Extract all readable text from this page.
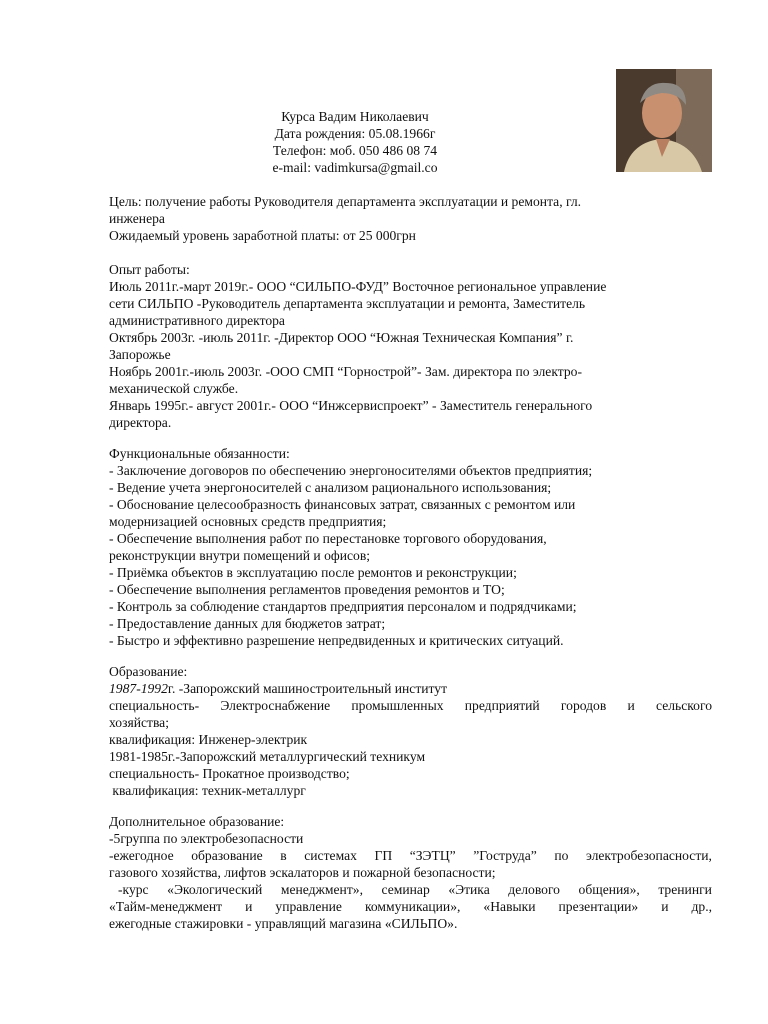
Курса Вадим Николаевич
Дата рождения: 05.08.1966г
Телефон: моб. 050 486 08 74
e-mail: vadimkursa@gmail.co
Цель: получение работы Руководителя департамента эксплуатации и ремонта, гл.
инженера
Ожидаемый уровень заработной платы: от 25 000грн
Опыт работы:
Июль 2011г.-март 2019г.- ООО “СИЛЬПО-ФУД” Восточное региональное управление
сети СИЛЬПО -Руководитель департамента эксплуатации и ремонта, Заместитель
административного директора
Октябрь 2003г. -июль 2011г. -Директор ООО “Южная Техническая Компания” г.
Запорожье
Ноябрь 2001г.-июль 2003г. -ООО СМП “Горнострой”- Зам. директора по электро-
механической службе.
Январь 1995г.- август 2001г.- ООО “Инжсервиспроект” - Заместитель генерального
директора.
Функциональные обязанности:
- Заключение договоров по обеспечению энергоносителями объектов предприятия;
- Ведение учета энергоносителей с анализом рационального использования;
- Обоснование целесообразность финансовых затрат, связанных с ремонтом или
модернизацией основных средств предприятия;
- Обеспечение выполнения работ по перестановке торгового оборудования,
реконструкции внутри помещений и офисов;
- Приёмка объектов в эксплуатацию после ремонтов и реконструкции;
- Обеспечение выполнения регламентов проведения ремонтов и ТО;
- Контроль за соблюдение стандартов предприятия персоналом и подрядчиками;
- Предоставление данных для бюджетов затрат;
- Быстро и эффективно разрешение непредвиденных и критических ситуаций.
Образование:
1987-1992г. -Запорожский машиностроительный институт
специальность- Электроснабжение промышленных предприятий городов и сельского
хозяйства;
квалификация: Инженер-электрик
1981-1985г.-Запорожский металлургический техникум
специальность- Прокатное производство;
квалификация: техник-металлург
Дополнительное образование:
-5группа по электробезопасности
-ежегодное образование в системах ГП “ЗЭТЦ” ”Гоструда” по электробезопасности,
газового хозяйства, лифтов эскалаторов и пожарной безопасности;
-курс «Экологический менеджмент», семинар «Этика делового общения», тренинги
«Тайм-менеджмент и управление коммуникации», «Навыки презентации» и др.,
ежегодные стажировки - управлящий магазина «СИЛЬПО».
